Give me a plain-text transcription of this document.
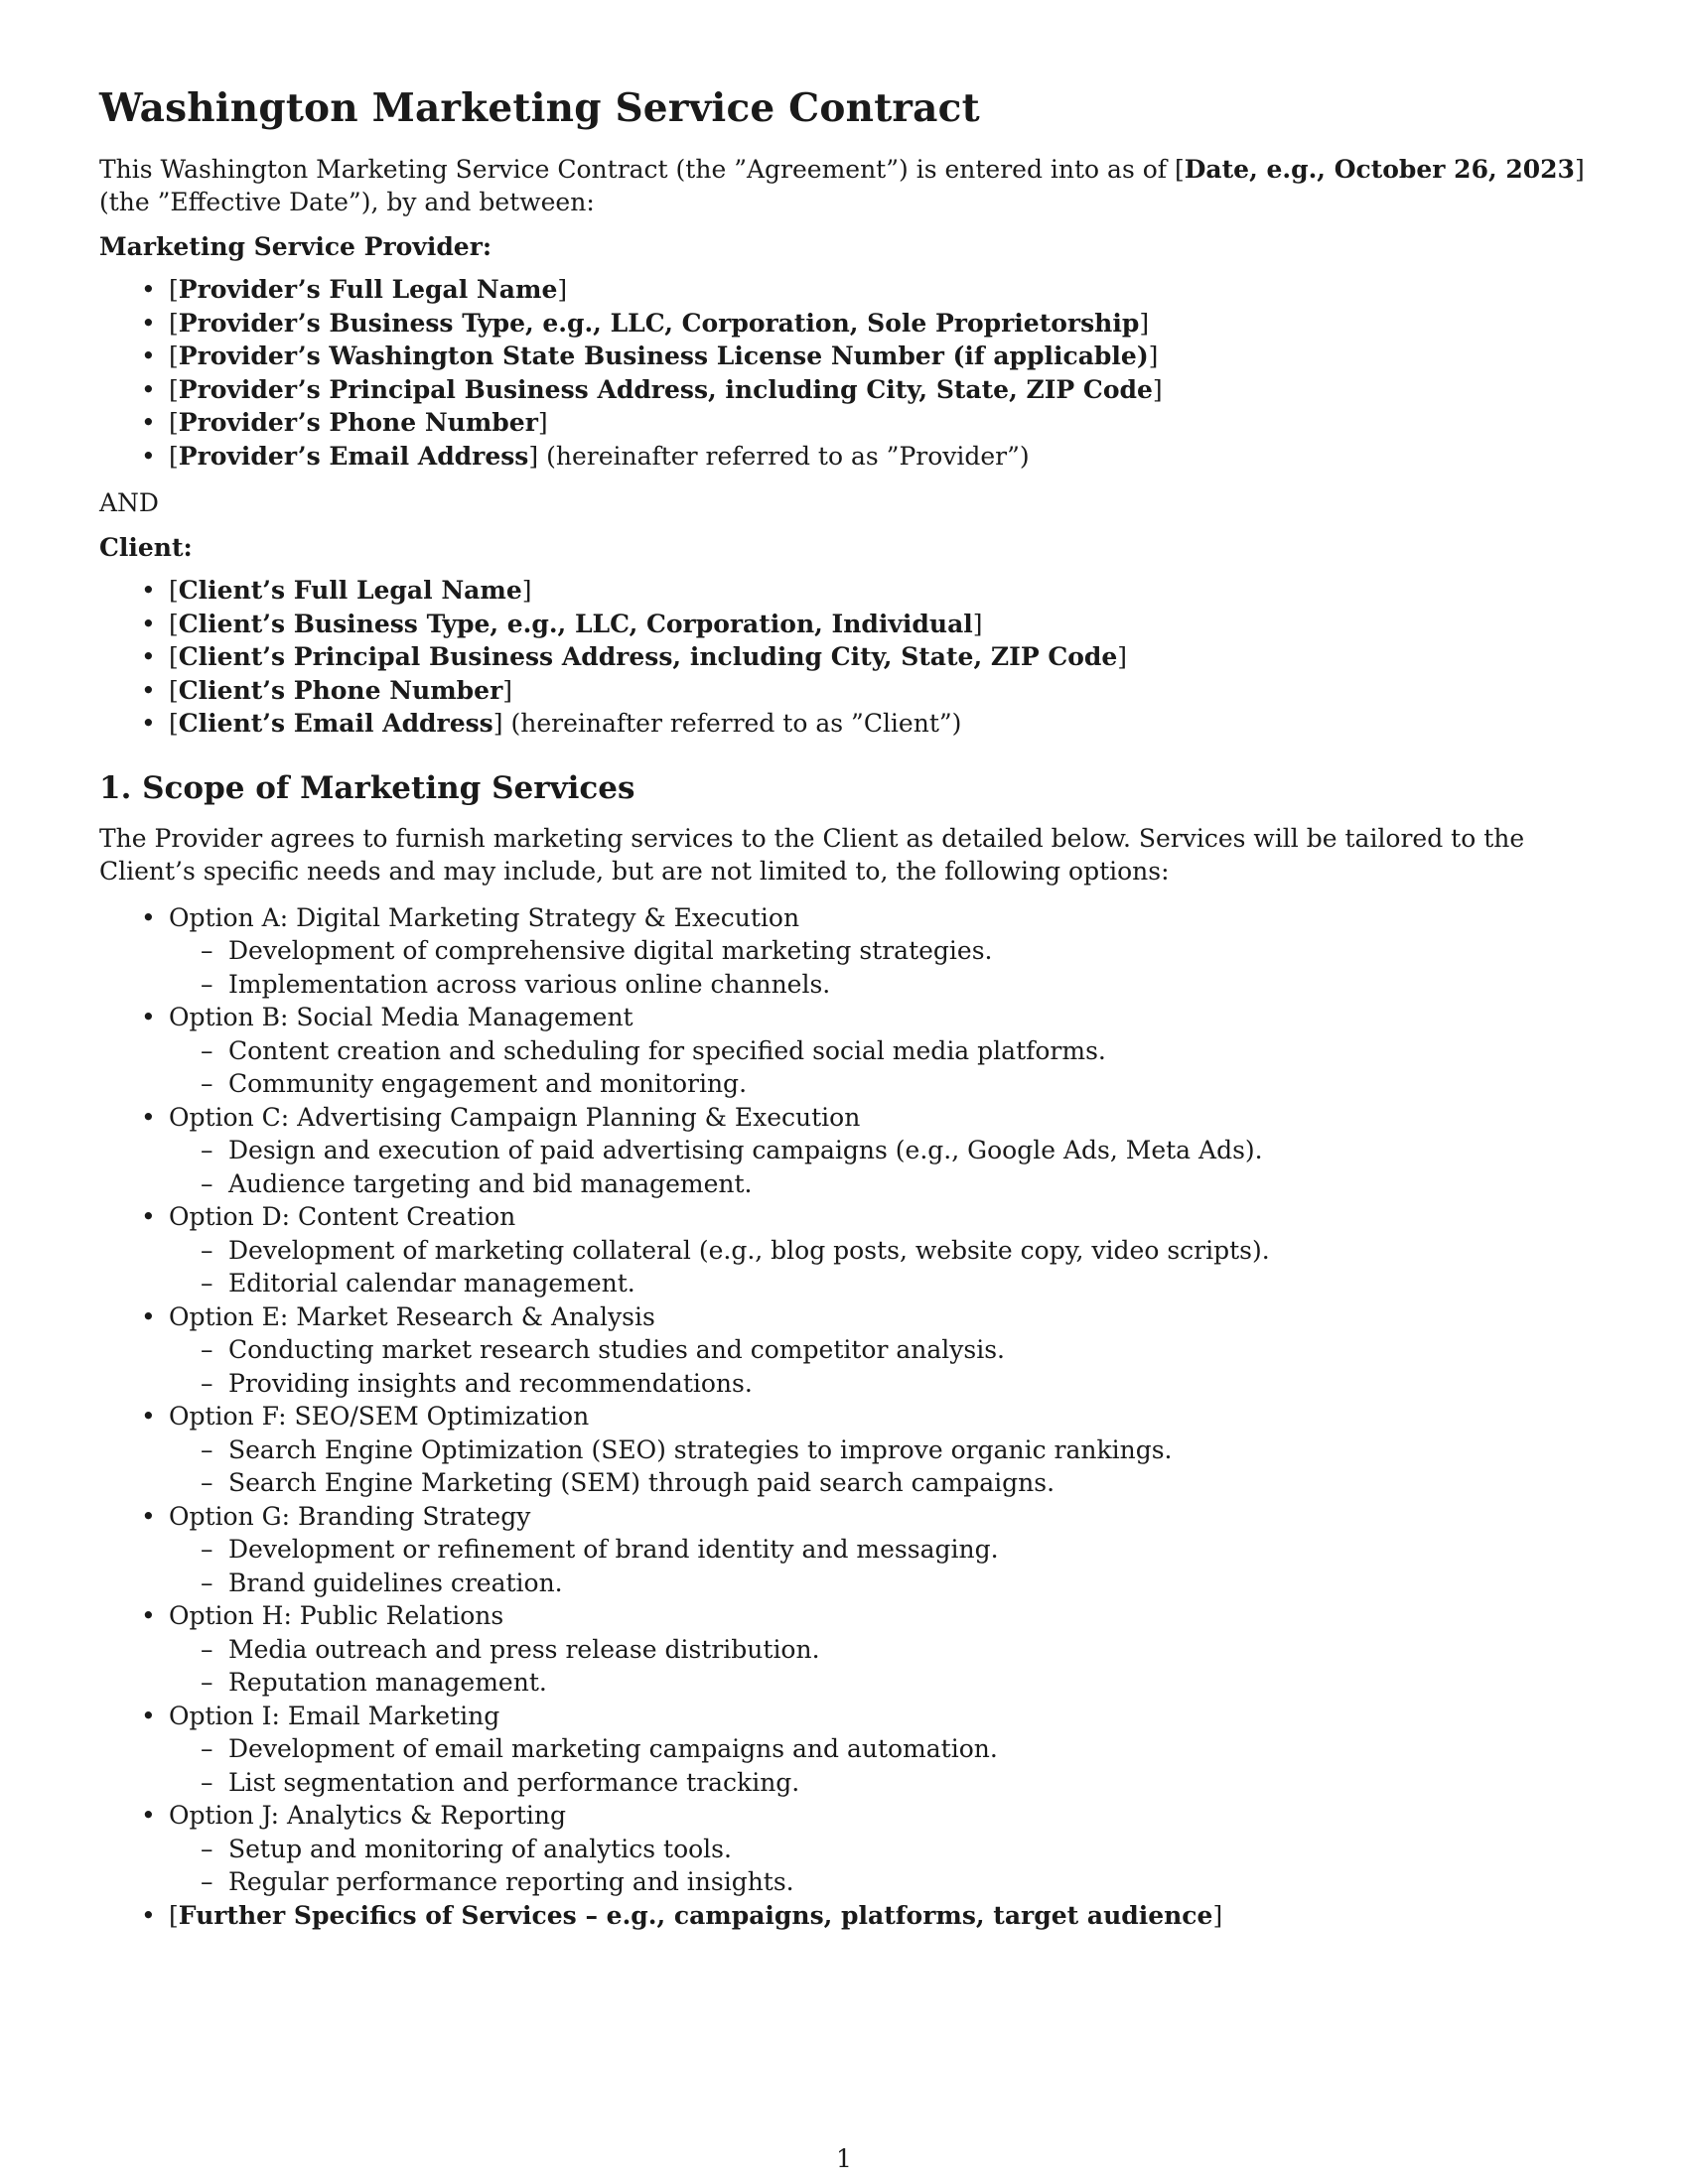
Washington Marketing Service Contract

This Washington Marketing Service Contract (the ”Agreement”) is entered into as of [Date, e.g., October 26, 2023] (the ”Effective Date”), by and between:

Marketing Service Provider:
• [Provider’s Full Legal Name]
• [Provider’s Business Type, e.g., LLC, Corporation, Sole Proprietorship]
• [Provider’s Washington State Business License Number (if applicable)]
• [Provider’s Principal Business Address, including City, State, ZIP Code]
• [Provider’s Phone Number]
• [Provider’s Email Address] (hereinafter referred to as ”Provider”)

AND

Client:
• [Client’s Full Legal Name]
• [Client’s Business Type, e.g., LLC, Corporation, Individual]
• [Client’s Principal Business Address, including City, State, ZIP Code]
• [Client’s Phone Number]
• [Client’s Email Address] (hereinafter referred to as ”Client”)
1. Scope of Marketing Services

The Provider agrees to furnish marketing services to the Client as detailed below. Services will be tailored to the Client’s specific needs and may include, but are not limited to, the following options:

• Option A: Digital Marketing Strategy & Execution
– Development of comprehensive digital marketing strategies.
– Implementation across various online channels.
• Option B: Social Media Management
– Content creation and scheduling for specified social media platforms.
– Community engagement and monitoring.
• Option C: Advertising Campaign Planning & Execution
– Design and execution of paid advertising campaigns (e.g., Google Ads, Meta Ads).
– Audience targeting and bid management.
• Option D: Content Creation
– Development of marketing collateral (e.g., blog posts, website copy, video scripts).
– Editorial calendar management.
• Option E: Market Research & Analysis
– Conducting market research studies and competitor analysis.
– Providing insights and recommendations.
• Option F: SEO/SEM Optimization
– Search Engine Optimization (SEO) strategies to improve organic rankings.
– Search Engine Marketing (SEM) through paid search campaigns.
• Option G: Branding Strategy
– Development or refinement of brand identity and messaging.
– Brand guidelines creation.
• Option H: Public Relations
– Media outreach and press release distribution.
– Reputation management.
• Option I: Email Marketing
– Development of email marketing campaigns and automation.
– List segmentation and performance tracking.
• Option J: Analytics & Reporting
– Setup and monitoring of analytics tools.
– Regular performance reporting and insights.
• [Further Specifics of Services – e.g., campaigns, platforms, target audience]
1
